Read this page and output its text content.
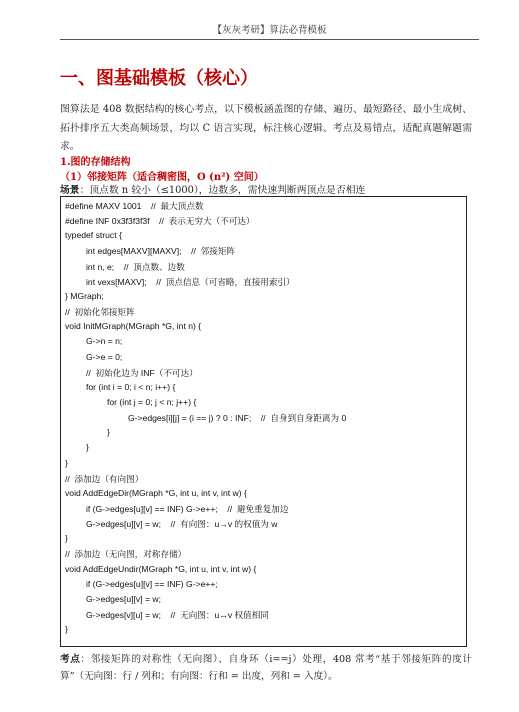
【灰灰考研】算法必背模板
一、图基础模板（核心）
图算法是 408 数据结构的核心考点，以下模板涵盖图的存储、遍历、最短路径、最小生成树、拓扑排序五大类高频场景，均以 C 语言实现，标注核心逻辑、考点及易错点，适配真题解题需求。
1.图的存储结构
（1）邻接矩阵（适合稠密图，O (n²) 空间）
场景：顶点数 n 较小（≤1000），边数多，需快速判断两顶点是否相连
#define MAXV 1001    //  最大顶点数
#define INF 0x3f3f3f3f    //  表示无穷大（不可达）
typedef struct {
int edges[MAXV][MAXV];    //  邻接矩阵
int n, e;    //  顶点数、边数
int vexs[MAXV];    //  顶点信息（可省略，直接用索引）
} MGraph;
//  初始化邻接矩阵
void InitMGraph(MGraph *G, int n) {
G->n = n;
G->e = 0;
//  初始化边为 INF（不可达）
for (int i = 0; i < n; i++) {
for (int j = 0; j < n; j++) {
G->edges[i][j] = (i == j) ? 0 : INF;    //  自身到自身距离为 0
}
}
}
//  添加边（有向图）
void AddEdgeDir(MGraph *G, int u, int v, int w) {
if (G->edges[u][v] == INF) G->e++;    //  避免重复加边
G->edges[u][v] = w;    //  有向图：u→v 的权值为 w
}
//  添加边（无向图，对称存储）
void AddEdgeUndir(MGraph *G, int u, int v, int w) {
if (G->edges[u][v] == INF) G->e++;
G->edges[u][v] = w;
G->edges[v][u] = w;    //  无向图：u↔v 权值相同
}
考点：邻接矩阵的对称性（无向图）、自身环（i==j）处理，408 常考“基于邻接矩阵的度计算”（无向图：行 / 列和；有向图：行和 = 出度，列和 = 入度）。
